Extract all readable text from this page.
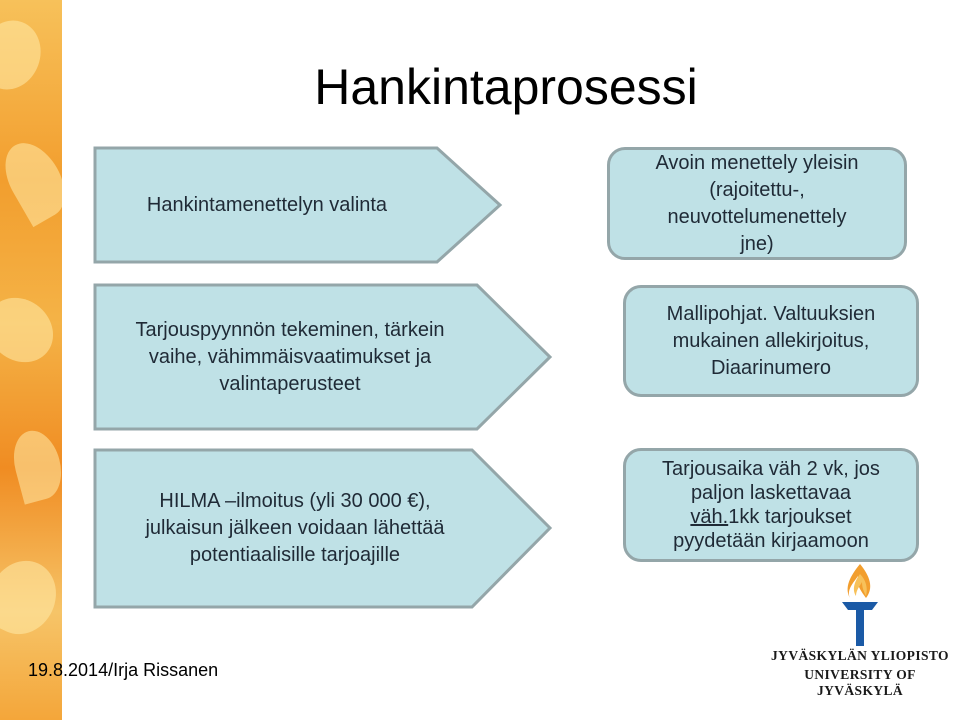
Hankintaprosessi
Hankintamenettelyn valinta
Tarjouspyynnön tekeminen, tärkein
vaihe, vähimmäisvaatimukset ja
valintaperusteet
HILMA –ilmoitus (yli 30 000 €),
julkaisun jälkeen voidaan lähettää
potentiaalisille tarjoajille
Avoin menettely yleisin
(rajoitettu-,
neuvottelumenettely
jne)
Mallipohjat. Valtuuksien
mukainen allekirjoitus,
Diaarinumero
Tarjousaika väh 2 vk, jos
paljon laskettavaa
väh.1kk tarjoukset
pyydetään kirjaamoon
19.8.2014/Irja Rissanen
JYVÄSKYLÄN YLIOPISTO
UNIVERSITY OF JYVÄSKYLÄ
